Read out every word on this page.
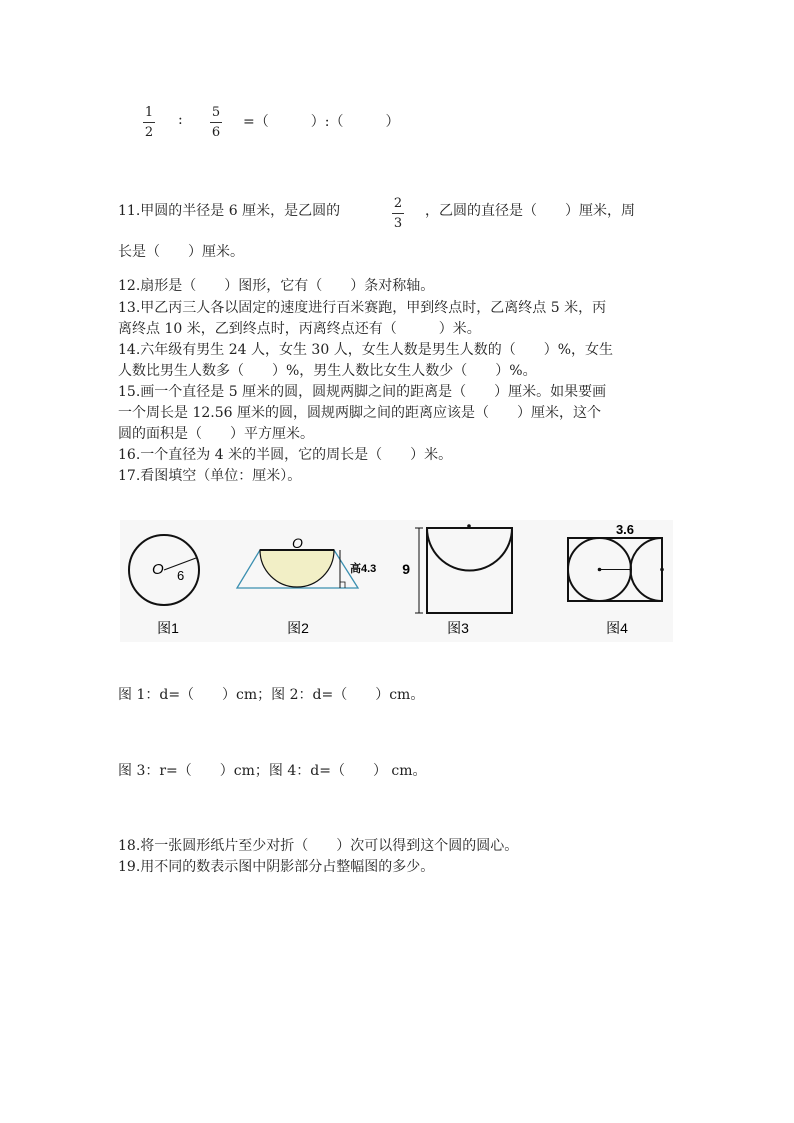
1
2
: 5
6
=（　　　）:（　　　）
11.甲圆的半径是 6 厘米，是乙圆的	2
3
，乙圆的直径是（　　）厘米，周
长是（　　）厘米。
12.扇形是（　　）图形，它有（　　）条对称轴。
13.甲乙丙三人各以固定的速度进行百米赛跑，甲到终点时，乙离终点 5 米，丙
离终点 10 米，乙到终点时，丙离终点还有（　　　）米。
14.六年级有男生 24 人，女生 30 人，女生人数是男生人数的（　　）%，女生
人数比男生人数多（　　）%，男生人数比女生人数少（　　）%。
15.画一个直径是 5 厘米的圆，圆规两脚之间的距离是（　　）厘米。如果要画
一个周长是 12.56 厘米的圆，圆规两脚之间的距离应该是（　　）厘米，这个
圆的面积是（　　）平方厘米。
16.一个直径为 4 米的半圆，它的周长是（　　）米。
17.看图填空（单位：厘米）。
O 6
O
高4.3 9
3.6
图1	图2	图3	图4
图 1：d=（　　）cm；图 2：d=（　　）cm。
图 3：r=（　　）cm；图 4：d=（　　） cm。
18.将一张圆形纸片至少对折（　　）次可以得到这个圆的圆心。
19.用不同的数表示图中阴影部分占整幅图的多少。
